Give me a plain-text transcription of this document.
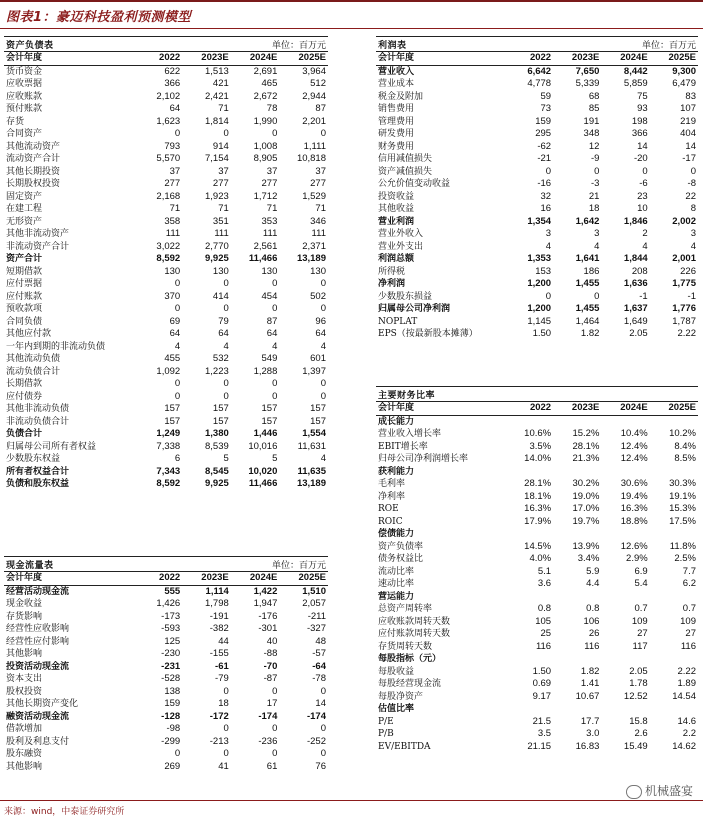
图表1：豪迈科技盈利预测模型
资产负债表	单位：百万元
会计年度	2022	2023E	2024E	2025E
货币资金	622	1,513	2,691	3,964
应收票据	366	421	465	512
应收账款	2,102	2,421	2,672	2,944
预付账款	64	71	78	87
存货	1,623	1,814	1,990	2,201
合同资产	0	0	0	0
其他流动资产	793	914	1,008	1,111
流动资产合计	5,570	7,154	8,905	10,818
其他长期投资	37	37	37	37
长期股权投资	277	277	277	277
固定资产	2,168	1,923	1,712	1,529
在建工程	71	71	71	71
无形资产	358	351	353	346
其他非流动资产	111	111	111	111
非流动资产合计	3,022	2,770	2,561	2,371
资产合计	8,592	9,925	11,466	13,189
短期借款	130	130	130	130
应付票据	0	0	0	0
应付账款	370	414	454	502
预收款项	0	0	0	0
合同负债	69	79	87	96
其他应付款	64	64	64	64
一年内到期的非流动负债	4	4	4	4
其他流动负债	455	532	549	601
流动负债合计	1,092	1,223	1,288	1,397
长期借款	0	0	0	0
应付债券	0	0	0	0
其他非流动负债	157	157	157	157
非流动负债合计	157	157	157	157
负债合计	1,249	1,380	1,446	1,554
归属母公司所有者权益	7,338	8,539	10,016	11,631
少数股东权益	6	5	5	4
所有者权益合计	7,343	8,545	10,020	11,635
负债和股东权益	8,592	9,925	11,466	13,189
现金流量表	单位：百万元
会计年度	2022	2023E	2024E	2025E
经营活动现金流	555	1,114	1,422	1,510
现金收益	1,426	1,798	1,947	2,057
存货影响	-173	-191	-176	-211
经营性应收影响	-593	-382	-301	-327
经营性应付影响	125	44	40	48
其他影响	-230	-155	-88	-57
投资活动现金流	-231	-61	-70	-64
资本支出	-528	-79	-87	-78
股权投资	138	0	0	0
其他长期资产变化	159	18	17	14
融资活动现金流	-128	-172	-174	-174
借款增加	-98	0	0	0
股利及利息支付	-299	-213	-236	-252
股东融资	0	0	0	0
其他影响	269	41	61	76
利润表	单位：百万元
会计年度	2022	2023E	2024E	2025E
营业收入	6,642	7,650	8,442	9,300
营业成本	4,778	5,339	5,859	6,479
税金及附加	59	68	75	83
销售费用	73	85	93	107
管理费用	159	191	198	219
研发费用	295	348	366	404
财务费用	-62	12	14	14
信用减值损失	-21	-9	-20	-17
资产减值损失	0	0	0	0
公允价值变动收益	-16	-3	-6	-8
投资收益	32	21	23	22
其他收益	16	18	10	8
营业利润	1,354	1,642	1,846	2,002
营业外收入	3	3	2	3
营业外支出	4	4	4	4
利润总额	1,353	1,641	1,844	2,001
所得税	153	186	208	226
净利润	1,200	1,455	1,636	1,775
少数股东损益	0	0	-1	-1
归属母公司净利润	1,200	1,455	1,637	1,776
NOPLAT	1,145	1,464	1,649	1,787
EPS（按最新股本摊薄）	1.50	1.82	2.05	2.22
主要财务比率
会计年度	2022	2023E	2024E	2025E
成长能力				
营业收入增长率	10.6%	15.2%	10.4%	10.2%
EBIT增长率	3.5%	28.1%	12.4%	8.4%
归母公司净利润增长率	14.0%	21.3%	12.4%	8.5%
获利能力				
毛利率	28.1%	30.2%	30.6%	30.3%
净利率	18.1%	19.0%	19.4%	19.1%
ROE	16.3%	17.0%	16.3%	15.3%
ROIC	17.9%	19.7%	18.8%	17.5%
偿债能力				
资产负债率	14.5%	13.9%	12.6%	11.8%
债务权益比	4.0%	3.4%	2.9%	2.5%
流动比率	5.1	5.9	6.9	7.7
速动比率	3.6	4.4	5.4	6.2
营运能力				
总资产周转率	0.8	0.8	0.7	0.7
应收账款周转天数	105	106	109	109
应付账款周转天数	25	26	27	27
存货周转天数	116	116	117	116
每股指标（元）				
每股收益	1.50	1.82	2.05	2.22
每股经营现金流	0.69	1.41	1.78	1.89
每股净资产	9.17	10.67	12.52	14.54
估值比率				
P/E	21.5	17.7	15.8	14.6
P/B	3.5	3.0	2.6	2.2
EV/EBITDA	21.15	16.83	15.49	14.62
机械盛宴
来源：wind，中泰证券研究所
